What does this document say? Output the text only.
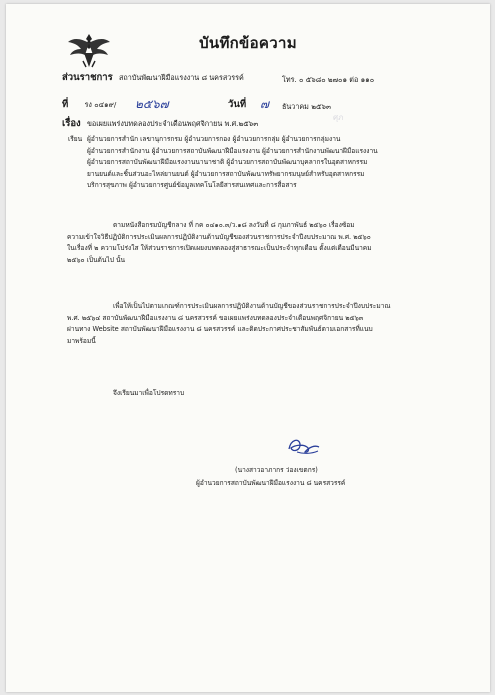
บันทึกข้อความ
ส่วนราชการ สถาบันพัฒนาฝีมือแรงงาน ๘ นครสวรรค์	โทร. ๐ ๕๖๘๐ ๒๗๐๑ ต่อ ๑๑๐
ที่ รง ๐๔๑๙/ ๒๕๖๗	วันที่ ๗ ธันวาคม ๒๕๖๓
เรื่อง ขอเผยแพร่งบทดลองประจำเดือนพฤศจิกายน พ.ศ.๒๕๖๓
ศุภ
เรียน ผู้อำนวยการสำนัก เลขานุการกรม ผู้อำนวยการกอง ผู้อำนวยการกลุ่ม ผู้อำนวยการกลุ่มงาน
ผู้อำนวยการสำนักงาน ผู้อำนวยการสถาบันพัฒนาฝีมือแรงงาน ผู้อำนวยการสำนักงานพัฒนาฝีมือแรงงาน
ผู้อำนวยการสถาบันพัฒนาฝีมือแรงงานนานาชาติ ผู้อำนวยการสถาบันพัฒนาบุคลากรในอุตสาหกรรม
ยานยนต์และชิ้นส่วนอะไหล่ยานยนต์ ผู้อำนวยการสถาบันพัฒนาทรัพยากรมนุษย์สำหรับอุตสาหกรรม
บริการสุขภาพ ผู้อำนวยการศูนย์ข้อมูลเทคโนโลยีสารสนเทศและการสื่อสาร
ตามหนังสือกรมบัญชีกลาง ที่ กค ๐๔๑๐.๓/ว.๑๘ ลงวันที่ ๘ กุมภาพันธ์ ๒๕๖๐ เรื่องซ้อม
ความเข้าใจวิธีปฏิบัติการประเมินผลการปฏิบัติงานด้านบัญชีของส่วนราชการประจำปีงบประมาณ พ.ศ. ๒๕๖๐
ในเรื่องที่ ๒ ความโปร่งใส ให้ส่วนราชการเปิดเผยงบทดลองสู่สาธารณะเป็นประจำทุกเดือน ตั้งแต่เดือนมีนาคม
๒๕๖๐ เป็นต้นไป นั้น
เพื่อให้เป็นไปตามเกณฑ์การประเมินผลการปฏิบัติงานด้านบัญชีของส่วนราชการประจำปีงบประมาณ
พ.ศ. ๒๕๖๔ สถาบันพัฒนาฝีมือแรงงาน ๘ นครสวรรค์ ขอเผยแพร่งบทดลองประจำเดือนพฤศจิกายน ๒๕๖๓
ผ่านทาง Website สถาบันพัฒนาฝีมือแรงงาน ๘ นครสวรรค์ และติดประกาศประชาสัมพันธ์ตามเอกสารที่แนบ
มาพร้อมนี้
จึงเรียนมาเพื่อโปรดทราบ
(นางสาวอาภากร ว่องเขตกร)
ผู้อำนวยการสถาบันพัฒนาฝีมือแรงงาน ๘ นครสวรรค์
